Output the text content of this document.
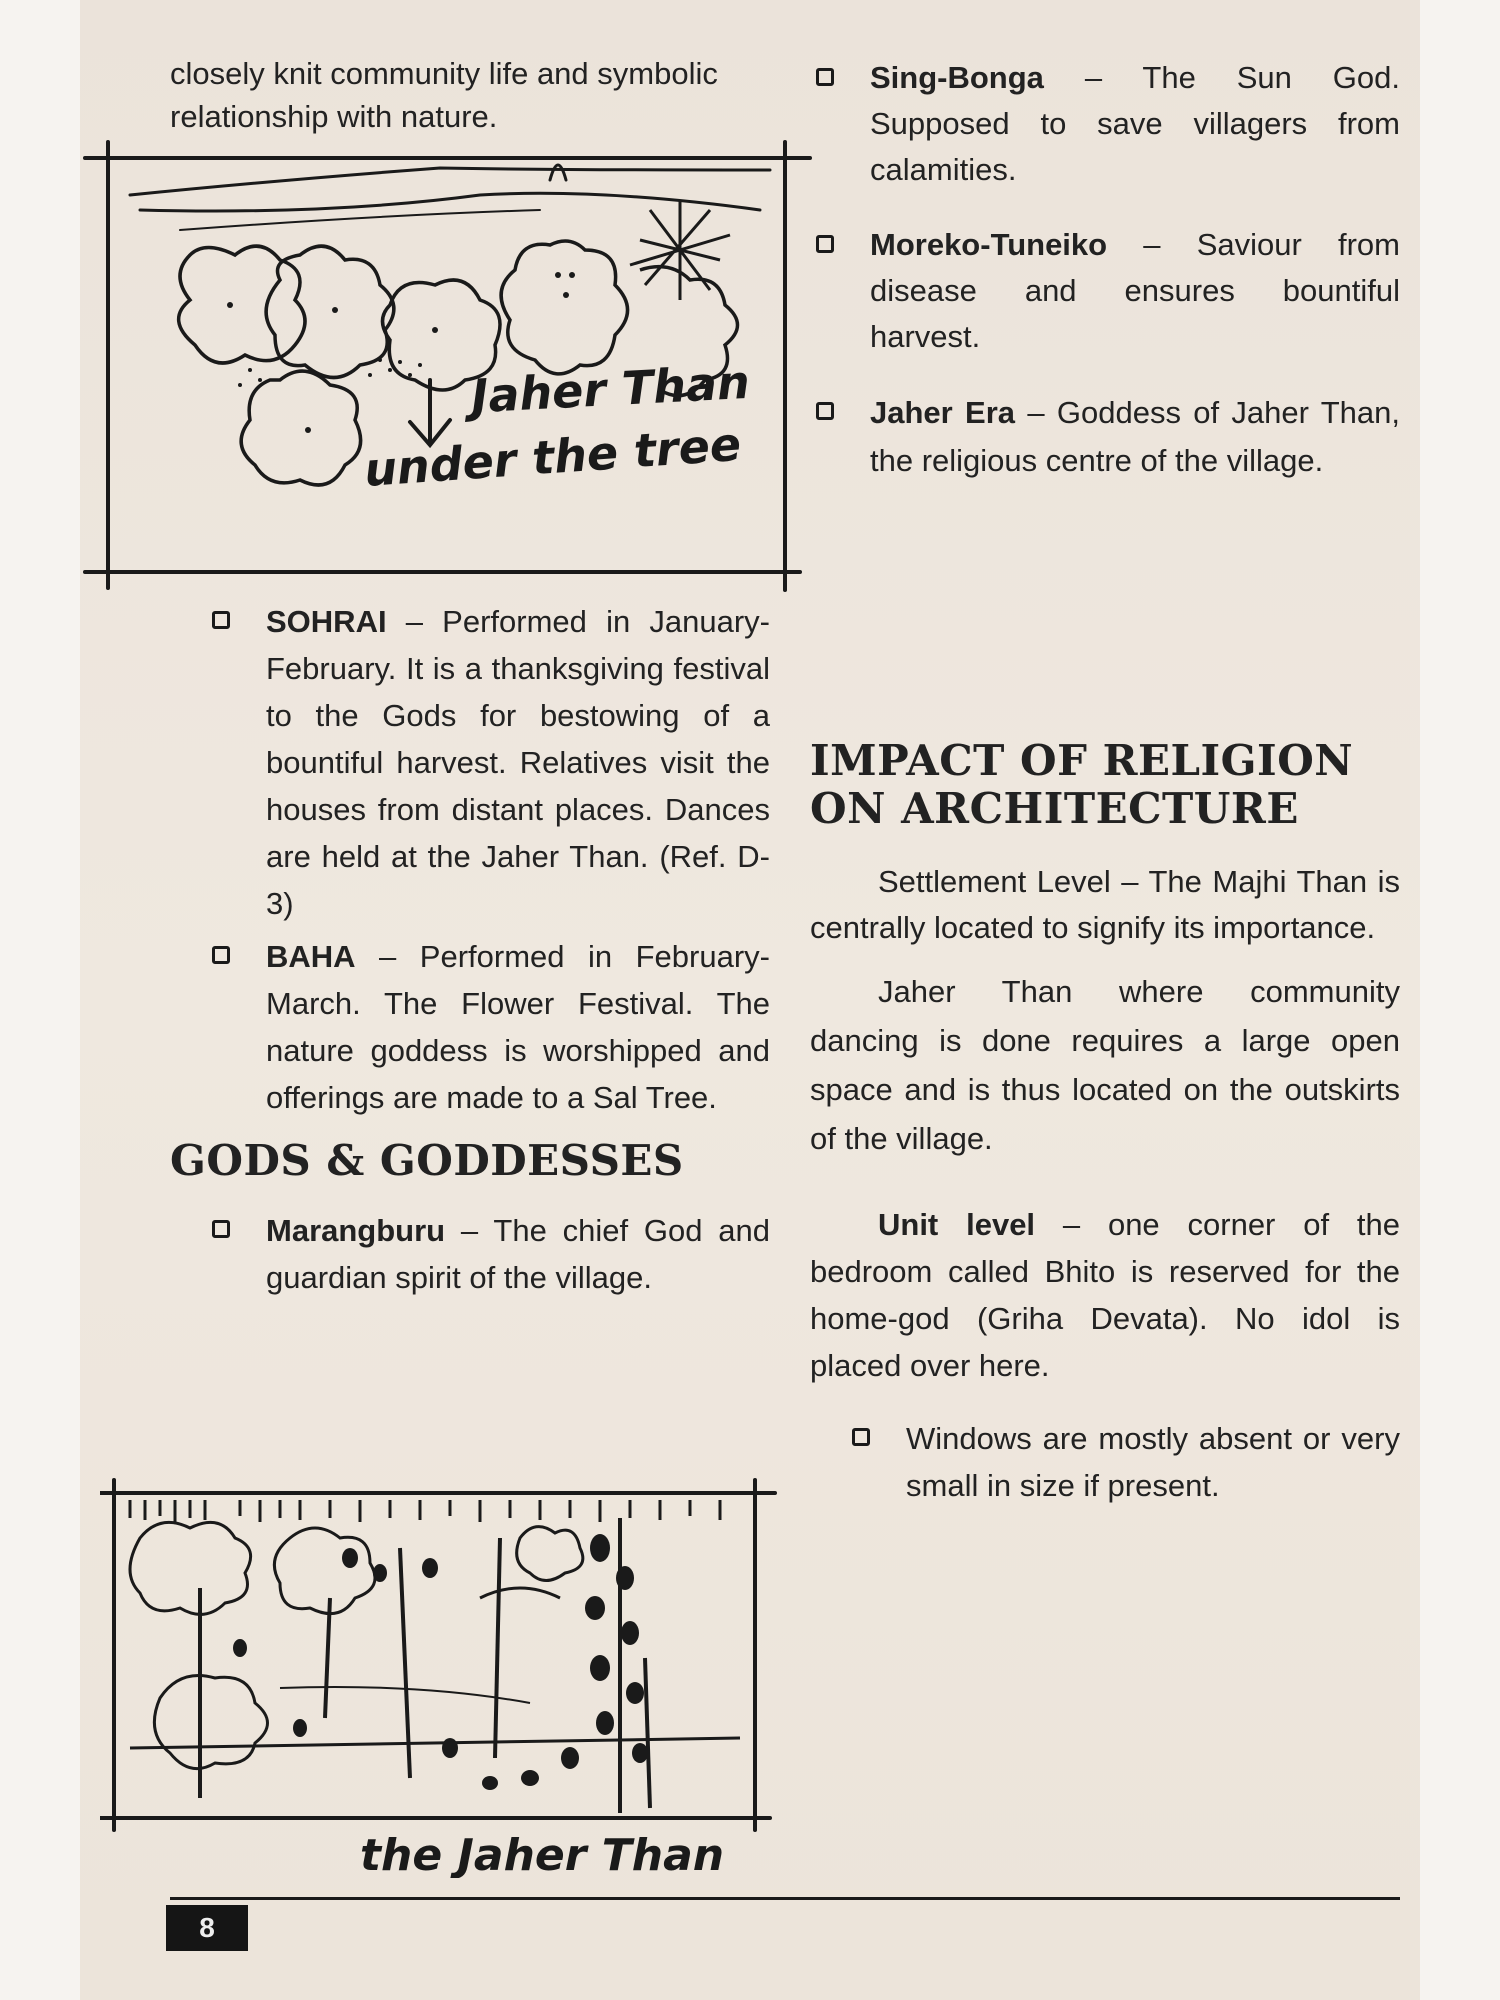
closely knit community life and symbolic relationship with nature.
Jaher Than
under the tree
SOHRAI – Performed in January-February. It is a thanksgiving festival to the Gods for bestowing of a bountiful harvest. Relatives visit the houses from distant places. Dances are held at the Jaher Than. (Ref. D-3)
BAHA – Performed in February-March. The Flower Festival. The nature goddess is worshipped and offerings are made to a Sal Tree.
GODS & GODDESSES
Marangburu – The chief God and guardian spirit of the village.
the Jaher Than
Sing-Bonga – The Sun God. Supposed to save villagers from calamities.
Moreko-Tuneiko – Saviour from disease and ensures bountiful harvest.
Jaher Era – Goddess of Jaher Than, the religious centre of the village.
IMPACT OF RELIGION ON ARCHITECTURE
Settlement Level – The Majhi Than is centrally located to signify its importance.
Jaher Than where community dancing is done requires a large open space and is thus located on the outskirts of the village.
Unit level – one corner of the bedroom called Bhito is reserved for the home-god (Griha Devata). No idol is placed over here.
Windows are mostly absent or very small in size if present.
8
